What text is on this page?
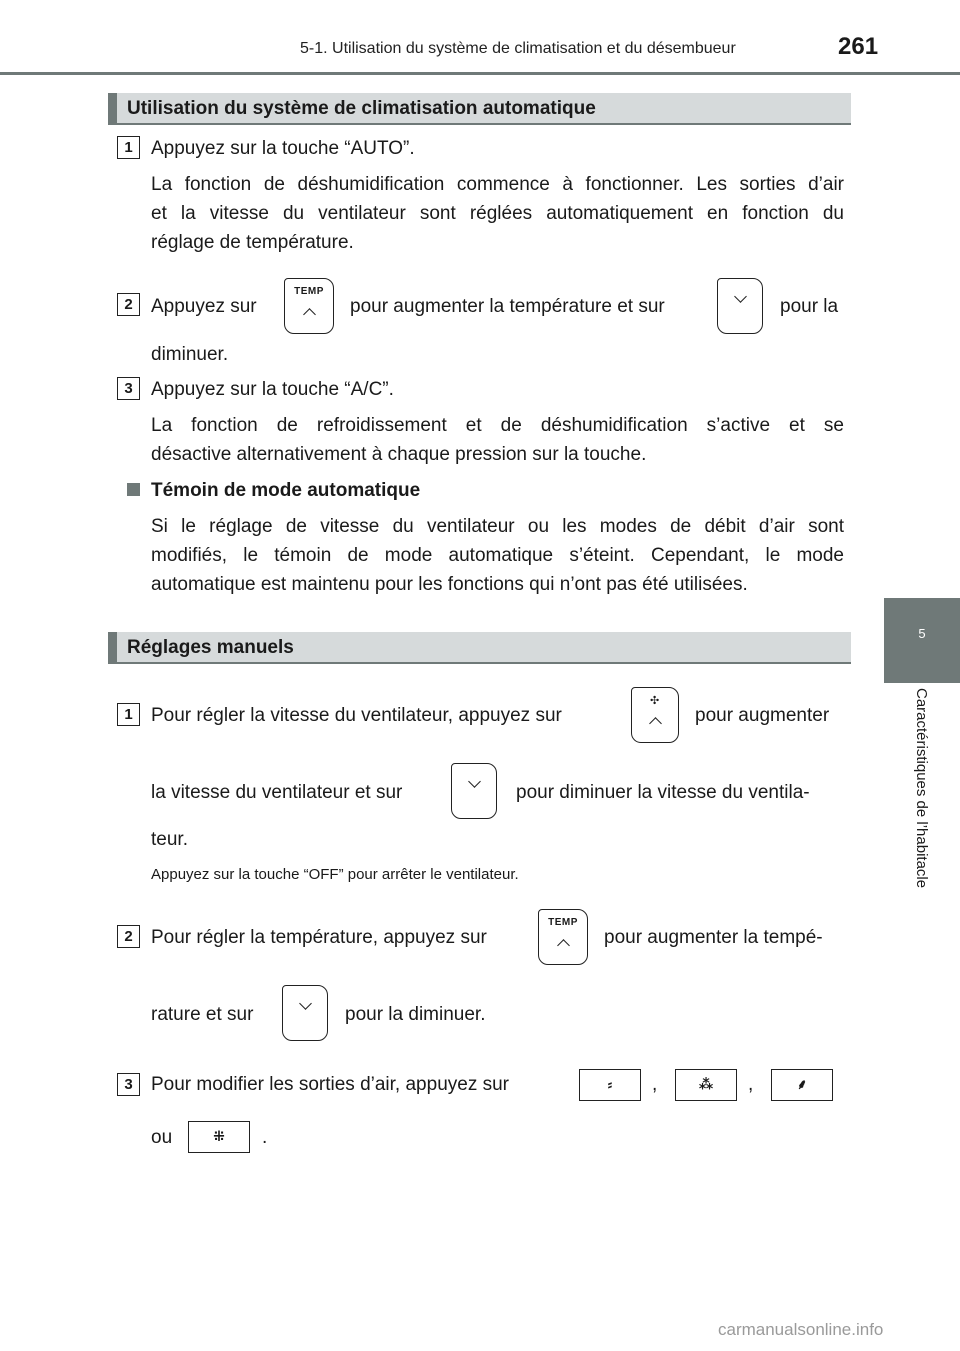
5-1. Utilisation du système de climatisation et du désembueur	261
5
Caractéristiques de l’habitacle
Utilisation du système de climatisation automatique
1 Appuyez sur la touche “AUTO”.
La fonction de déshumidification commence à fonctionner. Les sorties d’air
et la vitesse du ventilateur sont réglées automatiquement en fonction du
réglage de température.
2 Appuyez sur
TEMP
pour augmenter la température et sur	pour la
diminuer.
3 Appuyez sur la touche “A/C”.
La fonction de refroidissement et de déshumidification s’active et se
désactive alternativement à chaque pression sur la touche.
Témoin de mode automatique
Si le réglage de vitesse du ventilateur ou les modes de débit d’air sont
modifiés, le témoin de mode automatique s’éteint. Cependant, le mode
automatique est maintenu pour les fonctions qui n’ont pas été utilisées.
Réglages manuels
1 Pour régler la vitesse du ventilateur, appuyez sur
✣
pour augmenter
la vitesse du ventilateur et sur	pour diminuer la vitesse du ventila-
teur.
Appuyez sur la touche “OFF” pour arrêter le ventilateur.
2 Pour régler la température, appuyez sur
TEMP
pour augmenter la tempé-
rature et sur	pour la diminuer.
3 Pour modifier les sorties d’air, appuyez sur	⸗	,	⁂	,	⸙
ou	⁜	.
carmanualsonline.info
